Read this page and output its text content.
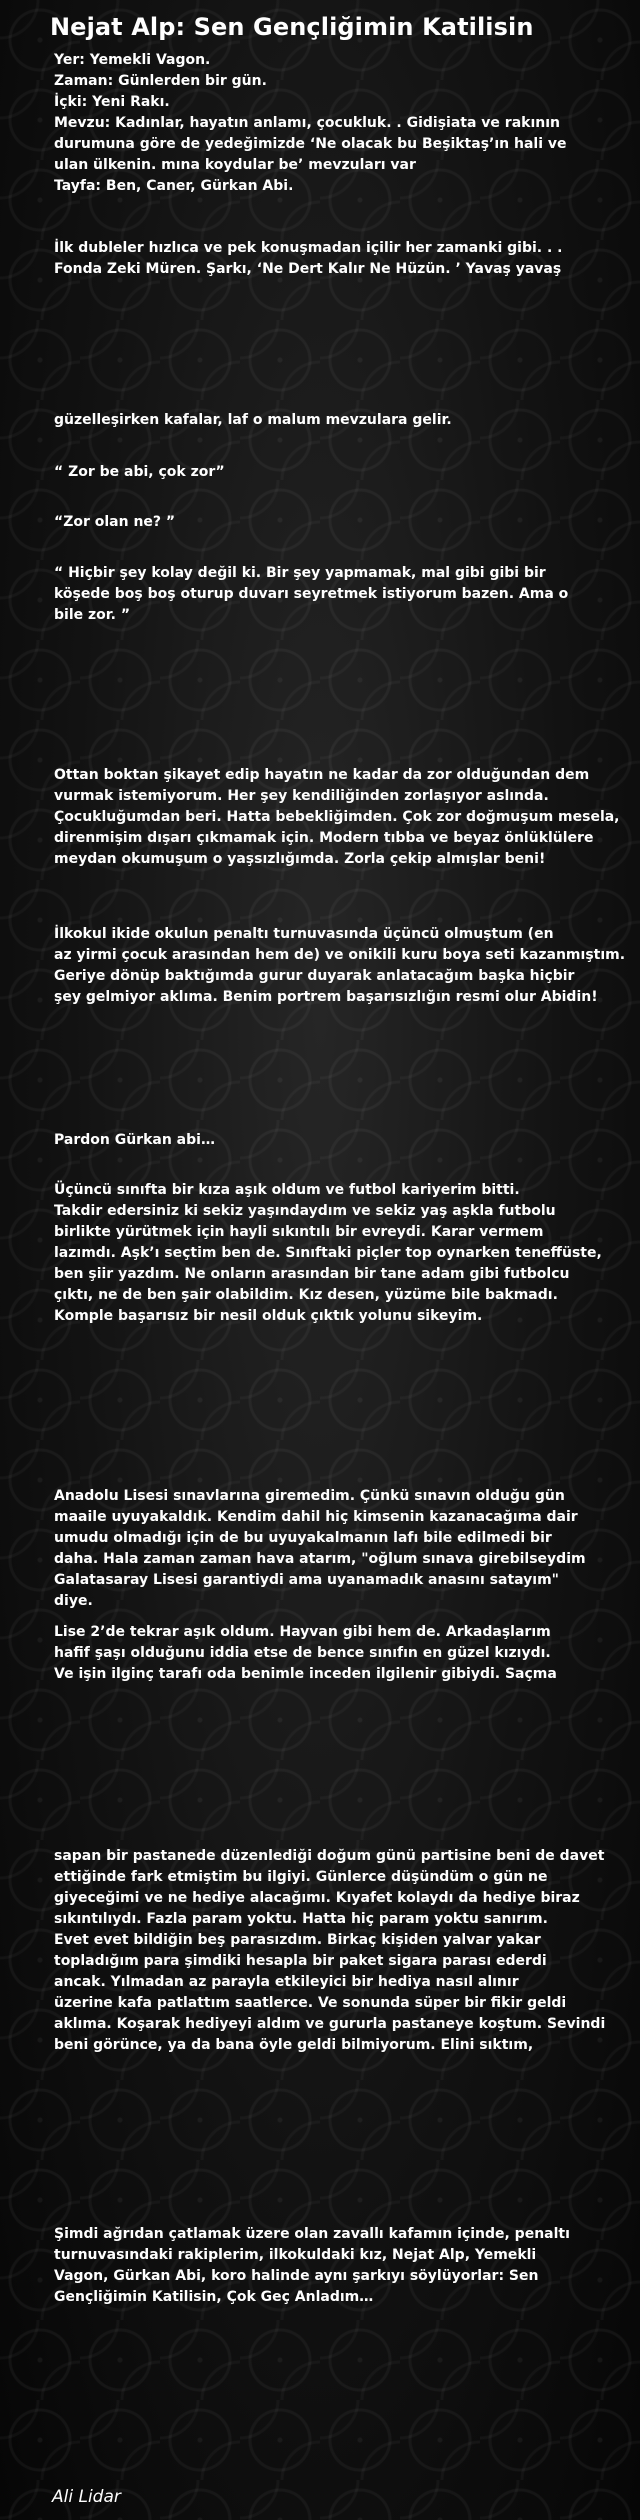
Nejat Alp: Sen Gençliğimin Katilisin
Yer: Yemekli Vagon.
Zaman: Günlerden bir gün.
İçki: Yeni Rakı.
Mevzu: Kadınlar, hayatın anlamı, çocukluk. . Gidişiata ve rakının
durumuna göre de yedeğimizde ‘Ne olacak bu Beşiktaş’ın hali ve
ulan ülkenin. mına koydular be’ mevzuları var
Tayfa: Ben, Caner, Gürkan Abi.
İlk dubleler hızlıca ve pek konuşmadan içilir her zamanki gibi. . .
Fonda Zeki Müren. Şarkı, ‘Ne Dert Kalır Ne Hüzün. ’ Yavaş yavaş
güzelleşirken kafalar, laf o malum mevzulara gelir.
“ Zor be abi, çok zor”
“Zor olan ne? ”
“ Hiçbir şey kolay değil ki. Bir şey yapmamak, mal gibi gibi bir
köşede boş boş oturup duvarı seyretmek istiyorum bazen. Ama o
bile zor. ”
Ottan boktan şikayet edip hayatın ne kadar da zor olduğundan dem
vurmak istemiyorum. Her şey kendiliğinden zorlaşıyor aslında.
Çocukluğumdan beri. Hatta bebekliğimden. Çok zor doğmuşum mesela,
direnmişim dışarı çıkmamak için. Modern tıbba ve beyaz önlüklülere
meydan okumuşum o yaşsızlığımda. Zorla çekip almışlar beni!
İlkokul ikide okulun penaltı turnuvasında üçüncü olmuştum (en
az yirmi çocuk arasından hem de) ve onikili kuru boya seti kazanmıştım.
Geriye dönüp baktığımda gurur duyarak anlatacağım başka hiçbir
şey gelmiyor aklıma. Benim portrem başarısızlığın resmi olur Abidin!
Pardon Gürkan abi…
Üçüncü sınıfta bir kıza aşık oldum ve futbol kariyerim bitti.
Takdir edersiniz ki sekiz yaşındaydım ve sekiz yaş aşkla futbolu
birlikte yürütmek için hayli sıkıntılı bir evreydi. Karar vermem
lazımdı. Aşk’ı seçtim ben de. Sınıftaki piçler top oynarken teneffüste,
ben şiir yazdım. Ne onların arasından bir tane adam gibi futbolcu
çıktı, ne de ben şair olabildim. Kız desen, yüzüme bile bakmadı.
Komple başarısız bir nesil olduk çıktık yolunu sikeyim.
Anadolu Lisesi sınavlarına giremedim. Çünkü sınavın olduğu gün
maaile uyuyakaldık. Kendim dahil hiç kimsenin kazanacağıma dair
umudu olmadığı için de bu uyuyakalmanın lafı bile edilmedi bir
daha. Hala zaman zaman hava atarım, "oğlum sınava girebilseydim
Galatasaray Lisesi garantiydi ama uyanamadık anasını satayım"
diye.
Lise 2’de tekrar aşık oldum. Hayvan gibi hem de. Arkadaşlarım
hafif şaşı olduğunu iddia etse de bence sınıfın en güzel kızıydı.
Ve işin ilginç tarafı oda benimle inceden ilgilenir gibiydi. Saçma
sapan bir pastanede düzenlediği doğum günü partisine beni de davet
ettiğinde fark etmiştim bu ilgiyi. Günlerce düşündüm o gün ne
giyeceğimi ve ne hediye alacağımı. Kıyafet kolaydı da hediye biraz
sıkıntılıydı. Fazla param yoktu. Hatta hiç param yoktu sanırım.
Evet evet bildiğin beş parasızdım. Birkaç kişiden yalvar yakar
topladığım para şimdiki hesapla bir paket sigara parası ederdi
ancak. Yılmadan az parayla etkileyici bir hediya nasıl alınır
üzerine kafa patlattım saatlerce. Ve sonunda süper bir fikir geldi
aklıma. Koşarak hediyeyi aldım ve gururla pastaneye koştum. Sevindi
beni görünce, ya da bana öyle geldi bilmiyorum. Elini sıktım,
Şimdi ağrıdan çatlamak üzere olan zavallı kafamın içinde, penaltı
turnuvasındaki rakiplerim, ilkokuldaki kız, Nejat Alp, Yemekli
Vagon, Gürkan Abi, koro halinde aynı şarkıyı söylüyorlar: Sen
Gençliğimin Katilisin, Çok Geç Anladım…
Ali Lidar
